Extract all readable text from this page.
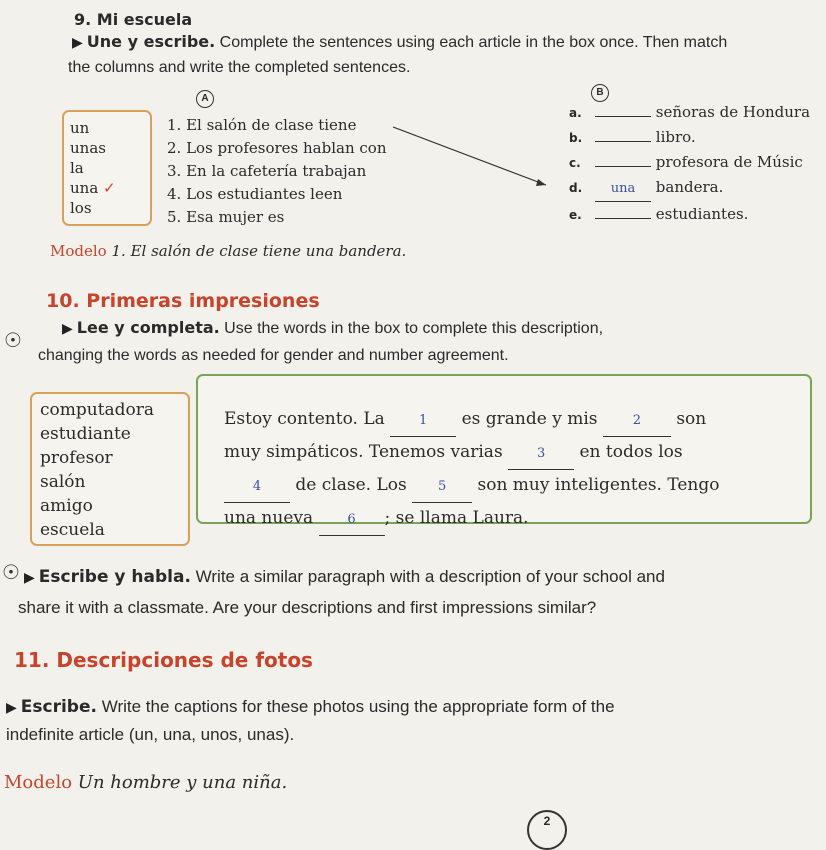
9. Mi escuela
▶ Une y escribe. Complete the sentences using each article in the box once. Then match
the columns and write the completed sentences.
A
B
un
unas
la
una ✓
los
1. El salón de clase tiene
2. Los profesores hablan con
3. En la cafetería trabajan
4. Los estudiantes leen
5. Esa mujer es
a.	señoras de Hondura
b.	libro.
c.	profesora de Músic
d. una bandera.
e.	estudiantes.
Modelo 1. El salón de clase tiene una bandera.
10. Primeras impresiones
☉
▶ Lee y completa. Use the words in the box to complete this description,
changing the words as needed for gender and number agreement.
computadora
estudiante
profesor
salón
amigo
escuela
Estoy contento. La	1 es grande y mis	2 son
muy simpáticos. Tenemos varias	3 en todos los
4 de clase. Los 5 son muy inteligentes. Tengo
una nueva	6 ; se llama Laura.
☉
▶	Escribe y habla. Write a similar paragraph with a description of your school and
share it with a classmate. Are your descriptions and first impressions similar?
11. Descripciones de fotos
▶ Escribe. Write the captions for these photos using the appropriate form of the
indefinite article (un, una, unos, unas).
Modelo Un hombre y una niña.
2
